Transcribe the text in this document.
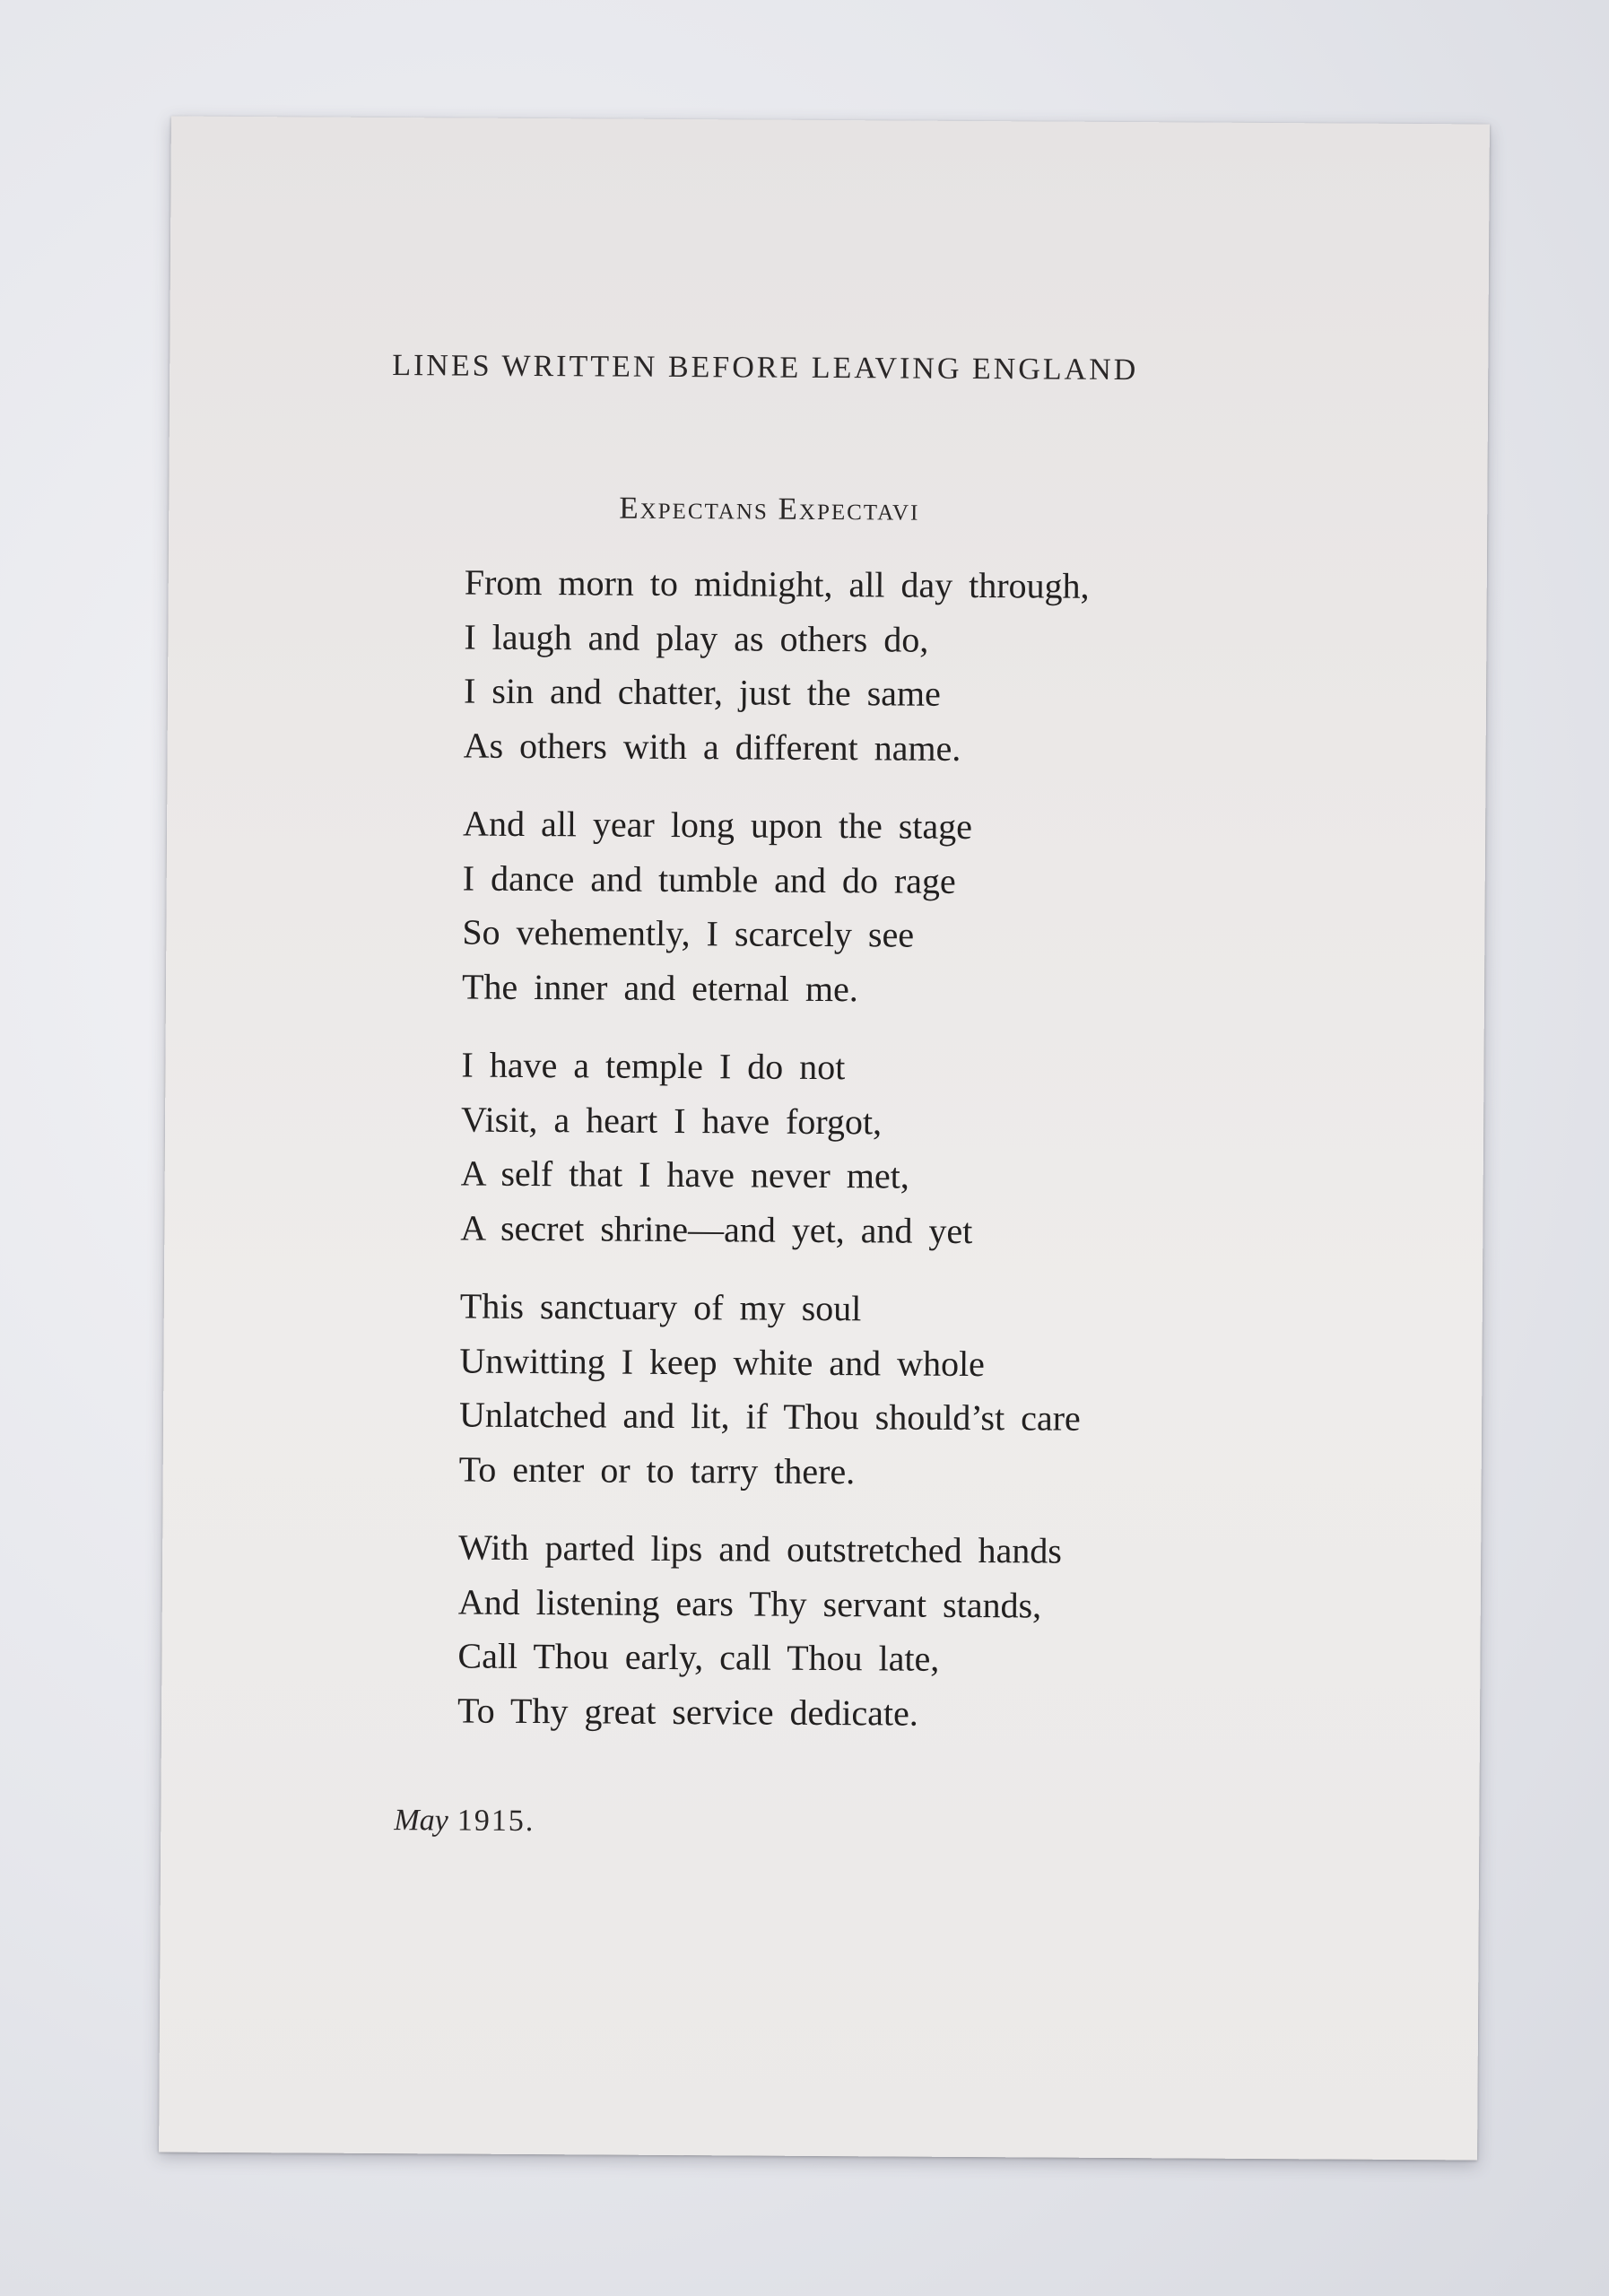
LINES WRITTEN BEFORE LEAVING ENGLAND
Expectans Expectavi
From morn to midnight, all day through,
I laugh and play as others do,
I sin and chatter, just the same
As others with a different name.
And all year long upon the stage
I dance and tumble and do rage
So vehemently, I scarcely see
The inner and eternal me.
I have a temple I do not
Visit, a heart I have forgot,
A self that I have never met,
A secret shrine—and yet, and yet
This sanctuary of my soul
Unwitting I keep white and whole
Unlatched and lit, if Thou should’st care
To enter or to tarry there.
With parted lips and outstretched hands
And listening ears Thy servant stands,
Call Thou early, call Thou late,
To Thy great service dedicate.
May 1915.
